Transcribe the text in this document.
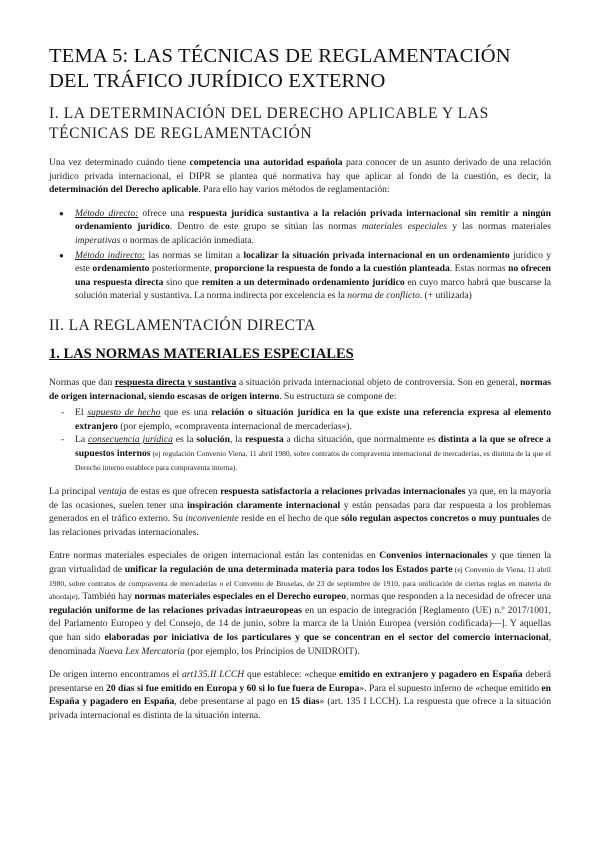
TEMA 5: LAS TÉCNICAS DE REGLAMENTACIÓN DEL TRÁFICO JURÍDICO EXTERNO
I. LA DETERMINACIÓN DEL DERECHO APLICABLE Y LAS TÉCNICAS DE REGLAMENTACIÓN

Una vez determinado cuándo tiene competencia una autoridad española para conocer de un asunto derivado de una relación jurídico privada internacional, el DIPR se plantea qué normativa hay que aplicar al fondo de la cuestión, es decir, la determinación del Derecho aplicable. Para ello hay varios métodos de reglamentación:

● Método directo: ofrece una respuesta jurídica sustantiva a la relación privada internacional sin remitir a ningún ordenamiento jurídico. Dentro de este grupo se sitúan las normas materiales especiales y las normas materiales imperativas o normas de aplicación inmediata.
● Método indirecto: las normas se limitan a localizar la situación privada internacional en un ordenamiento jurídico y este ordenamiento posteriormente, proporcione la respuesta de fondo a la cuestión planteada. Estas normas no ofrecen una respuesta directa sino que remiten a un determinado ordenamiento jurídico en cuyo marco habrá que buscarse la solución material y sustantiva. La norma indirecta por excelencia es la norma de conflicto. (+ utilizada)
II. LA REGLAMENTACIÓN DIRECTA
1. LAS NORMAS MATERIALES ESPECIALES

Normas que dan respuesta directa y sustantiva a situación privada internacional objeto de controversia. Son en general, normas de origen internacional, siendo escasas de origen interno. Su estructura se compone de:

- El supuesto de hecho que es una relación o situación jurídica en la que existe una referencia expresa al elemento extranjero (por ejemplo, «compraventa internacional de mercaderías»).
- La consecuencia jurídica es la solución, la respuesta a dicha situación, que normalmente es distinta a la que se ofrece a supuestos internos (ej regulación Convenio Viena, 11 abril 1980, sobre contratos de compraventa internacional de mercaderías, es distinta de la que el Derecho interno establece para compraventa interna).

La principal ventaja de estas es que ofrecen respuesta satisfactoria a relaciones privadas internacionales ya que, en la mayoría de las ocasiones, suelen tener una inspiración claramente internacional y están pensadas para dar respuesta a los problemas generados en el tráfico externo. Su inconveniente reside en el hecho de que sólo regulan aspectos concretos o muy puntuales de las relaciones privadas internacionales.

Entre normas materiales especiales de origen internacional están las contenidas en Convenios internacionales y que tienen la gran virtualidad de unificar la regulación de una determinada materia para todos los Estados parte (ej Convenio de Viena, 11 abril 1980, sobre contratos de compraventa de mercaderías o el Convenio de Bruselas, de 23 de septiembre de 1910, para unificación de ciertas reglas en materia de abordaje). También hay normas materiales especiales en el Derecho europeo, normas que responden a la necesidad de ofrecer una regulación uniforme de las relaciones privadas intraeuropeas en un espacio de integración [Reglamento (UE) n.º 2017/1001, del Parlamento Europeo y del Consejo, de 14 de junio, sobre la marca de la Unión Europea (versión codificada)—]. Y aquellas que han sido elaboradas por iniciativa de los particulares y que se concentran en el sector del comercio internacional, denominada Nueva Lex Mercatoria (por ejemplo, los Principios de UNIDROIT).

De origen interno encontramos el art135.II LCCH que establece: «cheque emitido en extranjero y pagadero en España deberá presentarse en 20 días si fue emitido en Europa y 60 si lo fue fuera de Europa». Para el supuesto inferno de «cheque emitido en España y pagadero en España, debe presentarse al pago en 15 días» (art. 135 I LCCH). La respuesta que ofrece a la situación privada internacional es distinta de la situación interna.
